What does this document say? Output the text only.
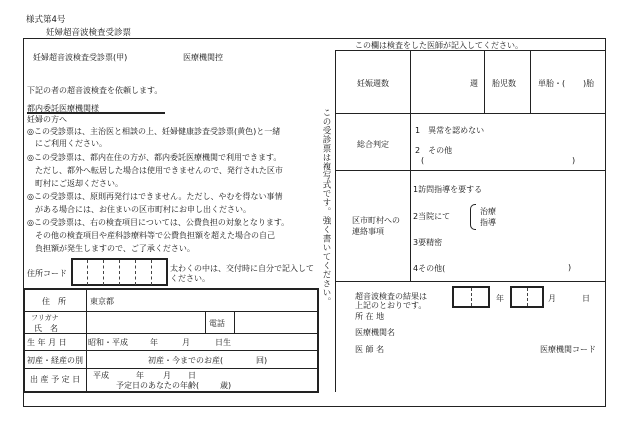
様式第4号
妊婦超音波検査受診票
妊婦超音波検査受診票(甲)	医療機関控
下記の者の超音波検査を依頼します。
都内委託医療機関様
妊婦の方へ
◎この受診票は、主治医と相談の上、妊婦健康診査受診票(黄色)と一緒
　にご利用ください。
◎この受診票は、都内在住の方が、都内委託医療機関で利用できます。
　ただし、都外へ転居した場合は使用できませんので、発行された区市
　町村にご返却ください。
◎この受診票は、原則再発行はできません。ただし、やむを得ない事情
　がある場合には、お住まいの区市町村にお申し出ください。
◎この受診票は、右の検査項目については、公費負担の対象となります。
　その他の検査項目や産科診療料等で公費負担額を超えた場合の自己
　負担額が発生しますので、ご了承ください。
住所コード
太わくの中は、交付時に自分で記入して
ください。
住　所	東京都
フリガナ
氏　名
電話
生 年 月 日	昭和・平成	年	月	日生
初産・経産の別	初産・今までのお産(	回)
出 産 予 定 日 平成	年 月 日
予定日のあなたの年齢(	歳)
この受診票は複写式です。強く書いてください。
この欄は検査をした医師が記入してください。
妊娠週数	週 胎児数	単胎・( )胎
総合判定
1　異常を認めない
2　その他
(	)
区市町村への
連絡事項
1訪問指導を要する
2当院にて
治療
指導
3要精密
4その他(	)
超音波検査の結果は
上記のとおりです。
年	月	日
所 在 地
医療機関名
医 師 名	医療機関コード
